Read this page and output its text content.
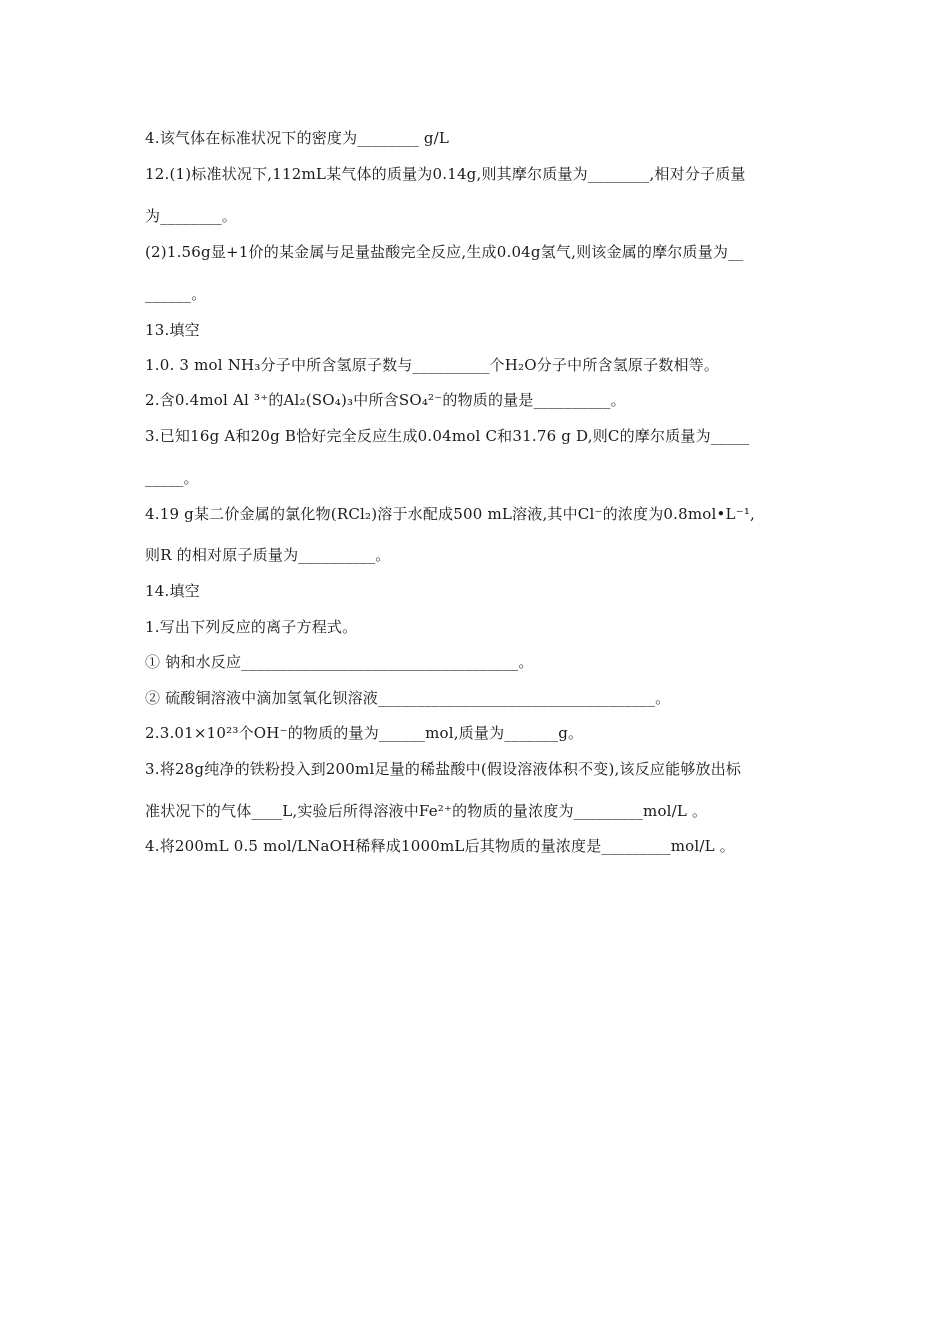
4.该气体在标准状况下的密度为________ g/L
12.(1)标准状况下,112mL某气体的质量为0.14g,则其摩尔质量为________,相对分子质量
为________。
(2)1.56g显+1价的某金属与足量盐酸完全反应,生成0.04g氢气,则该金属的摩尔质量为__
______。
13.填空
1.0. 3 mol NH₃分子中所含氢原子数与__________个H₂O分子中所含氢原子数相等。
2.含0.4mol Al ³⁺的Al₂(SO₄)₃中所含SO₄²⁻的物质的量是__________。
3.已知16g A和20g B恰好完全反应生成0.04mol C和31.76 g D,则C的摩尔质量为_____
_____。
4.19 g某二价金属的氯化物(RCl₂)溶于水配成500 mL溶液,其中Cl⁻的浓度为0.8mol•L⁻¹,
则R 的相对原子质量为__________。
14.填空
1.写出下列反应的离子方程式。
① 钠和水反应____________________________________。
② 硫酸铜溶液中滴加氢氧化钡溶液____________________________________。
2.3.01×10²³个OH⁻的物质的量为______mol,质量为_______g。
3.将28g纯净的铁粉投入到200ml足量的稀盐酸中(假设溶液体积不变),该反应能够放出标
准状况下的气体____L,实验后所得溶液中Fe²⁺的物质的量浓度为_________mol/L 。
4.将200mL 0.5 mol/LNaOH稀释成1000mL后其物质的量浓度是_________mol/L 。
